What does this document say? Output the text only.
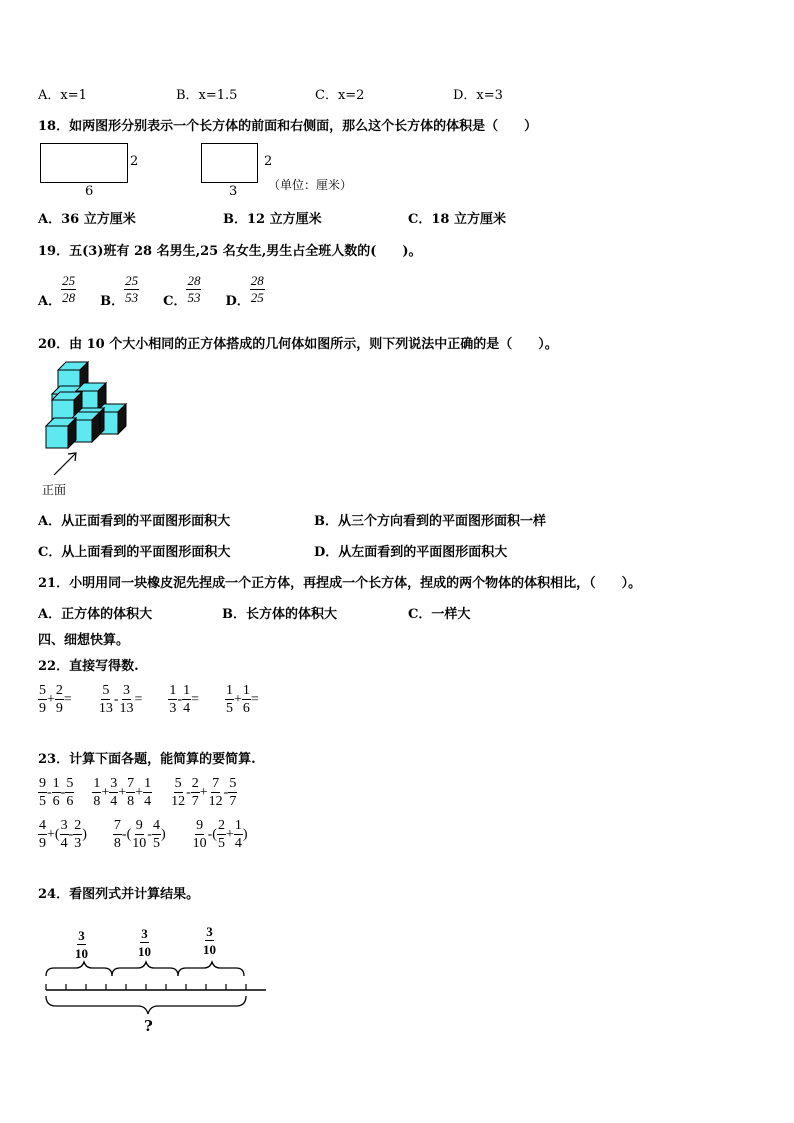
A．x=1	B．x=1.5	C．x=2	D．x=3
18．如两图形分别表示一个长方体的前面和右侧面，那么这个长方体的体积是（　　）
2
6
2
3	（单位：厘米）
A．36 立方厘米	B．12 立方厘米	C．18 立方厘米
19．五(3)班有 28 名男生,25 名女生,男生占全班人数的(　　)。
A． $\frac{25}{28}$ B． $\frac{25}{53}$ C． $\frac{28}{53}$ D． $\frac{28}{25}$
20．由 10 个大小相同的正方体搭成的几何体如图所示，则下列说法中正确的是（　　）。
正面
A．从正面看到的平面图形面积大	B．从三个方向看到的平面图形面积一样
C．从上面看到的平面图形面积大	D．从左面看到的平面图形面积大
21．小明用同一块橡皮泥先捏成一个正方体，再捏成一个长方体，捏成的两个物体的体积相比，（　　）。
A．正方体的体积大	B．长方体的体积大	C．一样大
四、细想快算。
22．直接写得数.
$\frac{5}{9} + \frac{2}{9} = \frac{5}{13} - \frac{3}{13} = \frac{1}{3} - \frac{1}{4} = \frac{1}{5} + \frac{1}{6}$ =
23．计算下面各题，能简算的要简算.
$\frac{9}{5} - \frac{1}{6} - \frac{5}{6} \frac{1}{8} + \frac{3}{4} + \frac{7}{8} + \frac{1}{4} \frac{5}{12} - \frac{2}{7} + \frac{7}{12} - \frac{5}{7}$
$\frac{4}{9}$ + ( $\frac{3}{4} - \frac{2}{3}$ ) $\frac{7}{8}$ - ( $\frac{9}{10} - \frac{4}{5}$ ) $\frac{9}{10}$ - ( $\frac{2}{5} + \frac{1}{4}$ )
24．看图列式并计算结果。
$\frac{3}{10}$	$\frac{3}{10}$	$\frac{3}{10}$
?
